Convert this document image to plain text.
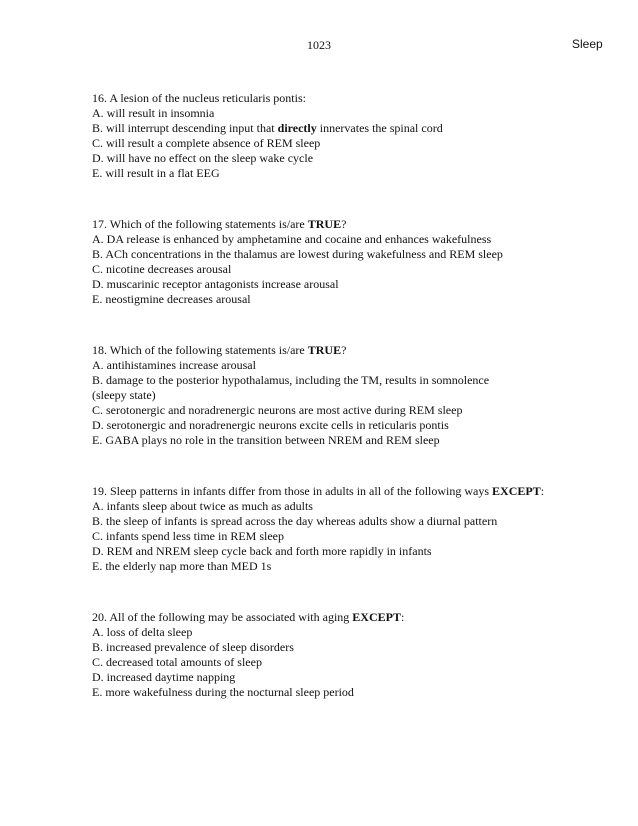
1023	Sleep
16. A lesion of the nucleus reticularis pontis:
A. will result in insomnia
B. will interrupt descending input that directly innervates the spinal cord
C. will result a complete absence of REM sleep
D. will have no effect on the sleep wake cycle
E. will result in a flat EEG
17. Which of the following statements is/are TRUE?
A. DA release is enhanced by amphetamine and cocaine and enhances wakefulness
B. ACh concentrations in the thalamus are lowest during wakefulness and REM sleep
C. nicotine decreases arousal
D. muscarinic receptor antagonists increase arousal
E. neostigmine decreases arousal
18. Which of the following statements is/are TRUE?
A. antihistamines increase arousal
B. damage to the posterior hypothalamus, including the TM, results in somnolence
(sleepy state)
C. serotonergic and noradrenergic neurons are most active during REM sleep
D. serotonergic and noradrenergic neurons excite cells in reticularis pontis
E. GABA plays no role in the transition between NREM and REM sleep
19. Sleep patterns in infants differ from those in adults in all of the following ways EXCEPT:
A. infants sleep about twice as much as adults
B. the sleep of infants is spread across the day whereas adults show a diurnal pattern
C. infants spend less time in REM sleep
D. REM and NREM sleep cycle back and forth more rapidly in infants
E. the elderly nap more than MED 1s
20. All of the following may be associated with aging EXCEPT:
A. loss of delta sleep
B. increased prevalence of sleep disorders
C. decreased total amounts of sleep
D. increased daytime napping
E. more wakefulness during the nocturnal sleep period
